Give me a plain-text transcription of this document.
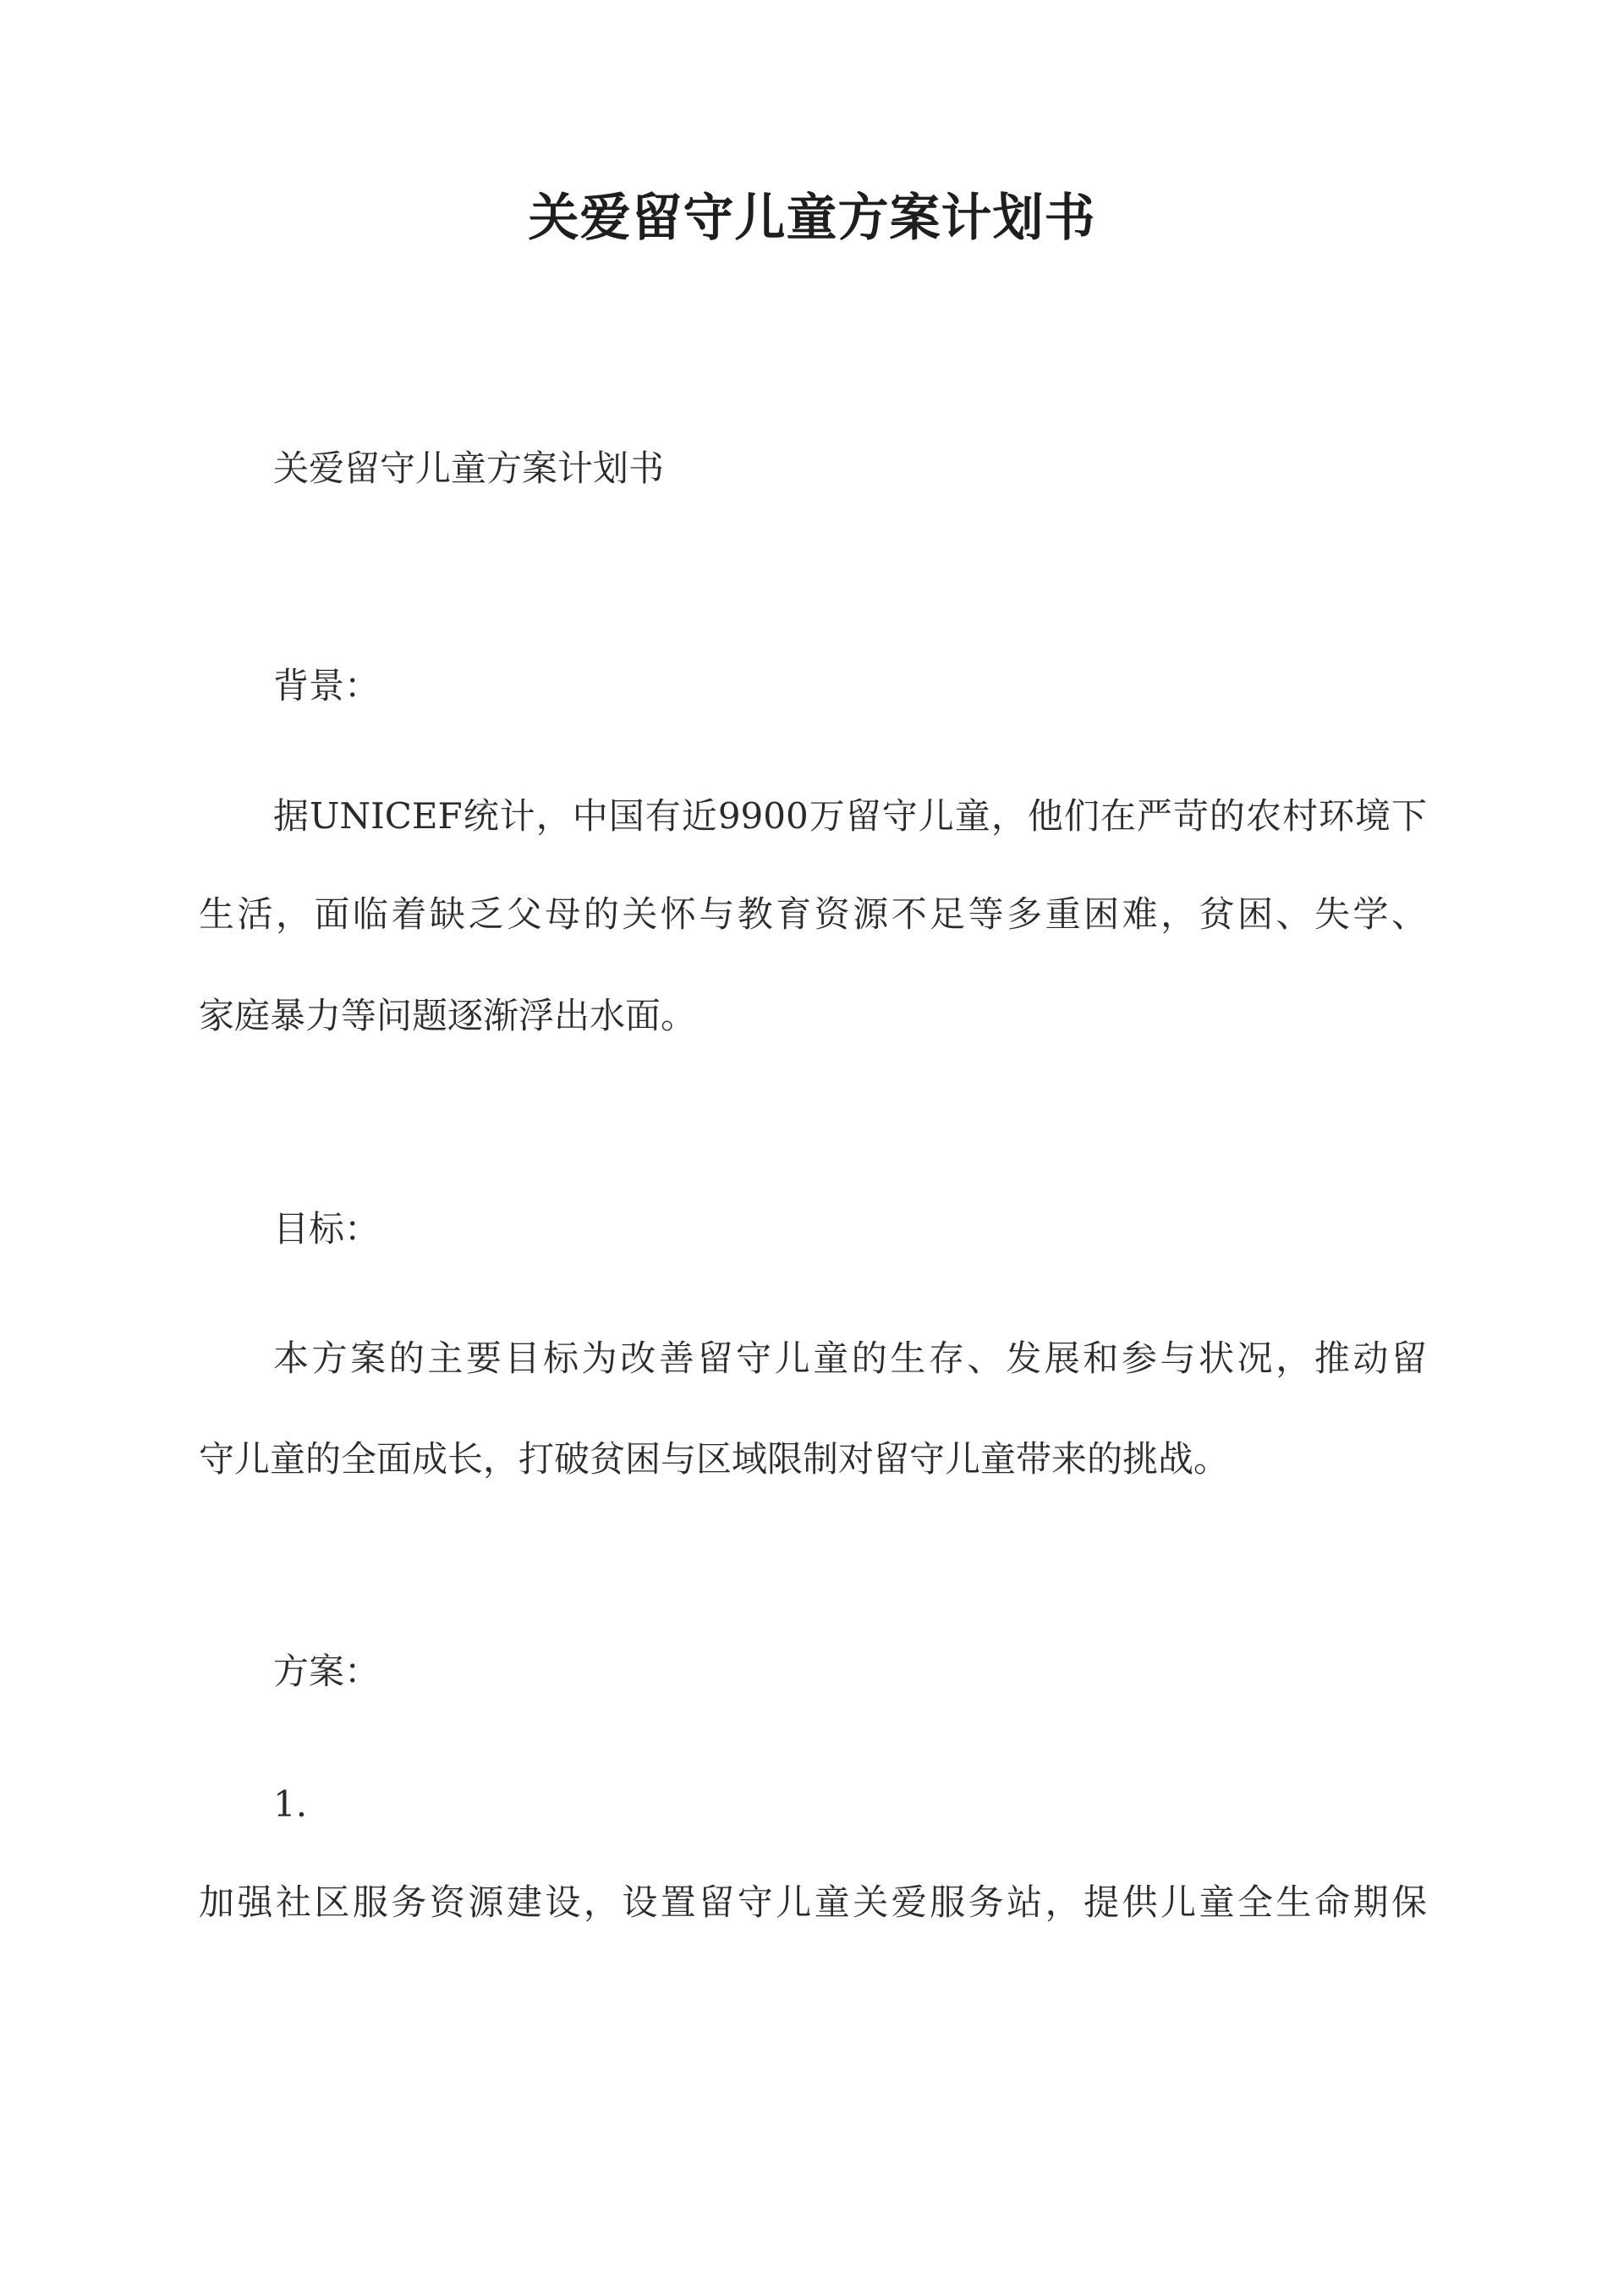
关爱留守儿童方案计划书
关爱留守儿童方案计划书
背景：
据UNICEF统计，中国有近9900万留守儿童，他们在严苛的农村环境下
生活，面临着缺乏父母的关怀与教育资源不足等多重困难，贫困、失学、
家庭暴力等问题逐渐浮出水面。
目标：
本方案的主要目标为改善留守儿童的生存、发展和参与状况，推动留
守儿童的全面成长，打破贫困与区域限制对留守儿童带来的挑战。
方案：
1.
加强社区服务资源建设，设置留守儿童关爱服务站，提供儿童全生命期保
